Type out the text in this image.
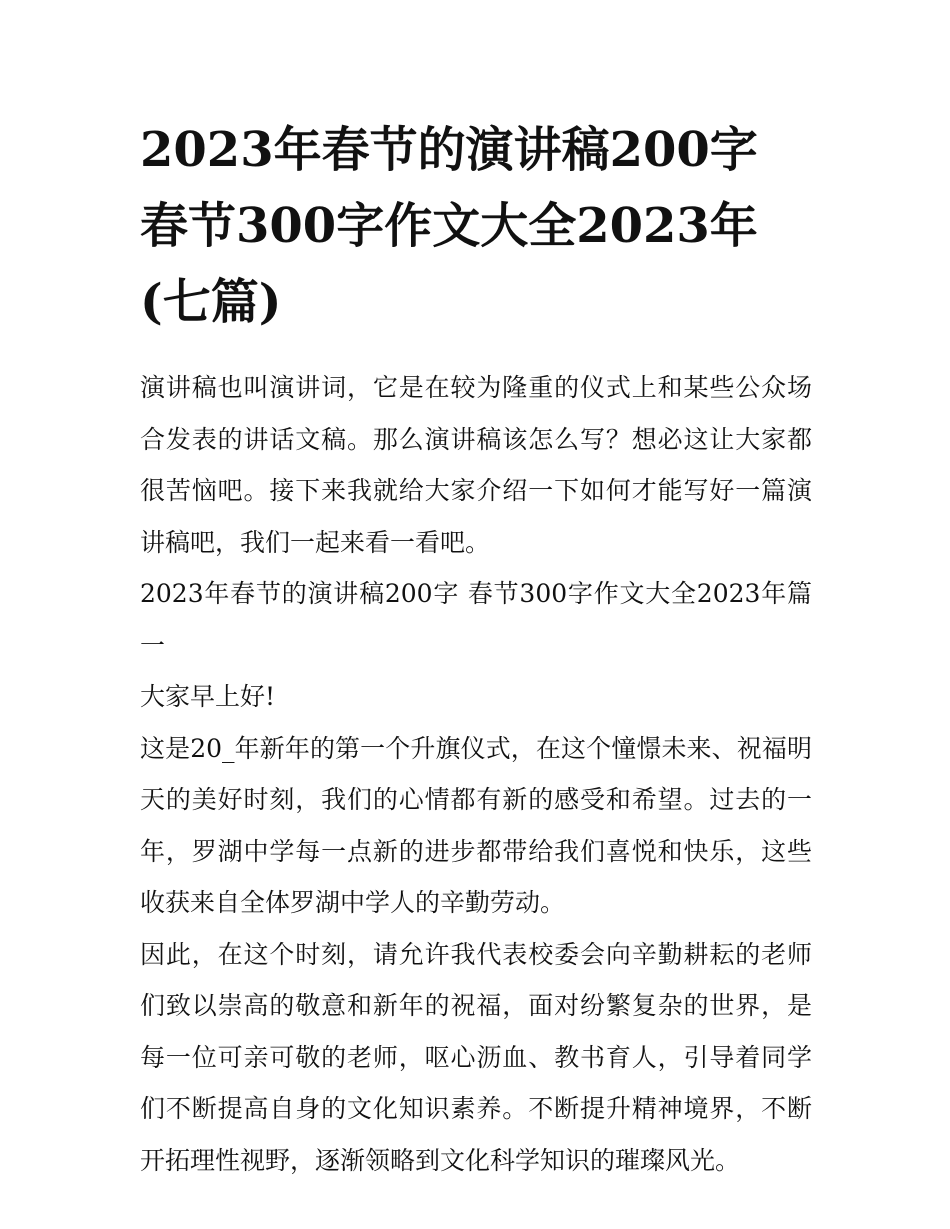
2023年春节的演讲稿200字 春节300字作文大全2023年(七篇)

演讲稿也叫演讲词，它是在较为隆重的仪式上和某些公众场合发表的讲话文稿。那么演讲稿该怎么写？想必这让大家都很苦恼吧。接下来我就给大家介绍一下如何才能写好一篇演讲稿吧，我们一起来看一看吧。

2023年春节的演讲稿200字 春节300字作文大全2023年篇一

大家早上好!

这是20_年新年的第一个升旗仪式，在这个憧憬未来、祝福明天的美好时刻，我们的心情都有新的感受和希望。过去的一年，罗湖中学每一点新的进步都带给我们喜悦和快乐，这些收获来自全体罗湖中学人的辛勤劳动。

因此，在这个时刻，请允许我代表校委会向辛勤耕耘的老师们致以崇高的敬意和新年的祝福，面对纷繁复杂的世界，是每一位可亲可敬的老师，呕心沥血、教书育人，引导着同学们不断提高自身的文化知识素养。不断提升精神境界，不断开拓理性视野，逐渐领略到文化科学知识的璀璨风光。
